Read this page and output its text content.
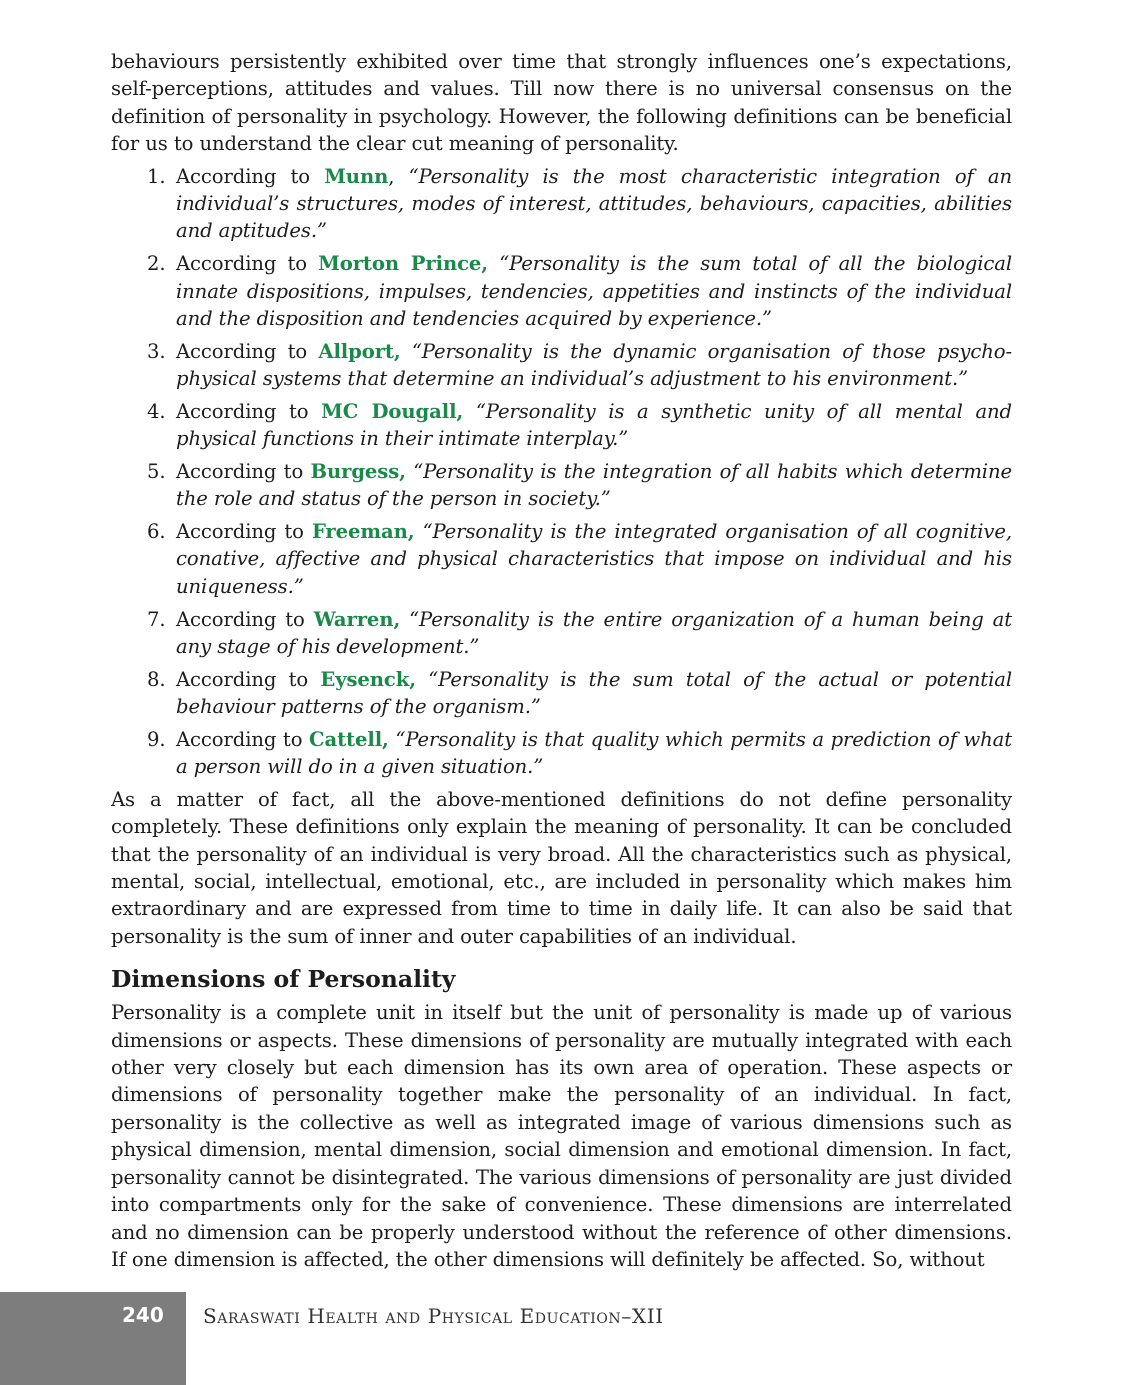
behaviours persistently exhibited over time that strongly influences one’s expectations, self-perceptions, attitudes and values. Till now there is no universal consensus on the definition of personality in psychology. However, the following definitions can be beneficial for us to understand the clear cut meaning of personality.

1. According to Munn, “Personality is the most characteristic integration of an individual’s structures, modes of interest, attitudes, behaviours, capacities, abilities and aptitudes.”
2. According to Morton Prince, “Personality is the sum total of all the biological innate dispositions, impulses, tendencies, appetities and instincts of the individual and the disposition and tendencies acquired by experience.”
3. According to Allport, “Personality is the dynamic organisation of those psycho-physical systems that determine an individual’s adjustment to his environment.”
4. According to MC Dougall, “Personality is a synthetic unity of all mental and physical functions in their intimate interplay.”
5. According to Burgess, “Personality is the integration of all habits which determine the role and status of the person in society.”
6. According to Freeman, “Personality is the integrated organisation of all cognitive, conative, affective and physical characteristics that impose on individual and his uniqueness.”
7. According to Warren, “Personality is the entire organization of a human being at any stage of his development.”
8. According to Eysenck, “Personality is the sum total of the actual or potential behaviour patterns of the organism.”
9. According to Cattell, “Personality is that quality which permits a prediction of what a person will do in a given situation.”

As a matter of fact, all the above-mentioned definitions do not define personality completely. These definitions only explain the meaning of personality. It can be concluded that the personality of an individual is very broad. All the characteristics such as physical, mental, social, intellectual, emotional, etc., are included in personality which makes him extraordinary and are expressed from time to time in daily life. It can also be said that personality is the sum of inner and outer capabilities of an individual.

Dimensions of Personality

Personality is a complete unit in itself but the unit of personality is made up of various dimensions or aspects. These dimensions of personality are mutually integrated with each other very closely but each dimension has its own area of operation. These aspects or dimensions of personality together make the personality of an individual. In fact, personality is the collective as well as integrated image of various dimensions such as physical dimension, mental dimension, social dimension and emotional dimension. In fact, personality cannot be disintegrated. The various dimensions of personality are just divided into compartments only for the sake of convenience. These dimensions are interrelated and no dimension can be properly understood without the reference of other dimensions. If one dimension is affected, the other dimensions will definitely be affected. So, without

240 Saraswati Health and Physical Education–XII
